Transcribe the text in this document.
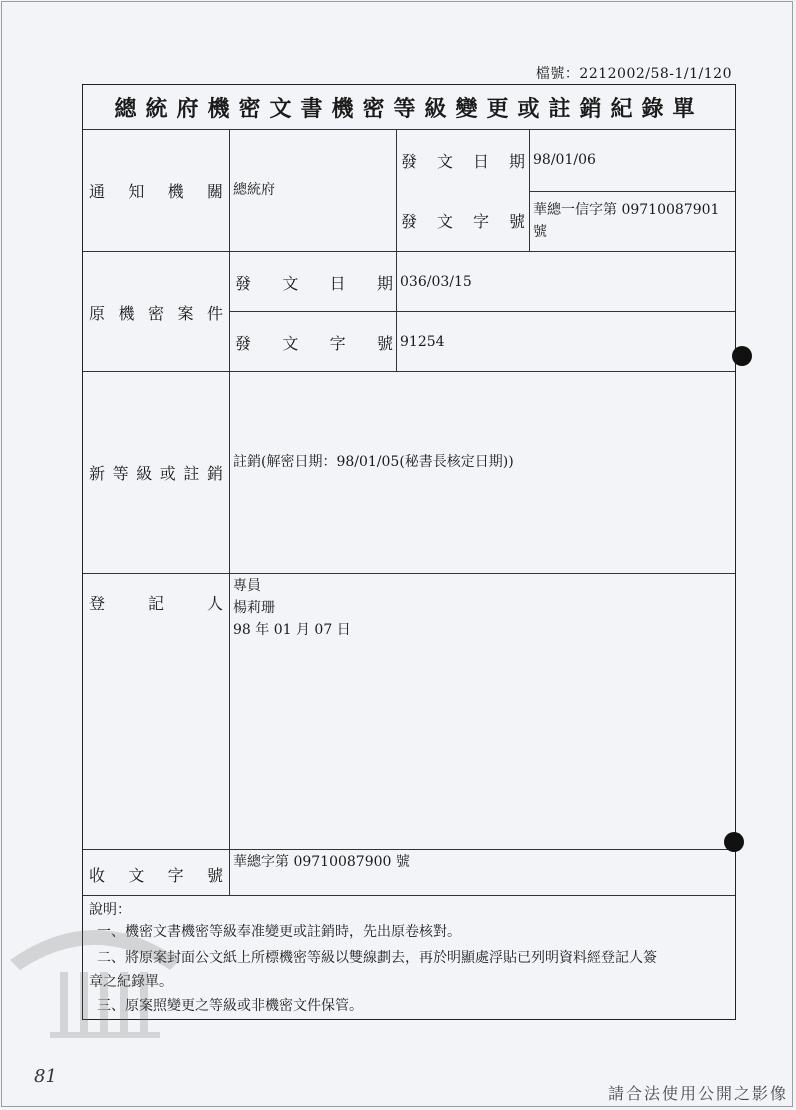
檔號：2212002/58-1/1/120
總統府機密文書機密等級變更或註銷紀錄單
通 知 機 關 總統府
發 文 日 期 98/01/06
發 文 字 號
華總一信字第 09710087901
號
原 機 密 案 件
發 文 日 期 036/03/15
發 文 字 號 91254
新 等 級 或 註 銷
註銷(解密日期：98/01/05(秘書長核定日期))
登	記	人
專員
楊莉珊
98 年 01 月 07 日
收 文 字 號
華總字第 09710087900 號
說明：
一、機密文書機密等級奉准變更或註銷時，先出原卷核對。
二、將原案封面公文紙上所標機密等級以雙線劃去，再於明顯處浮貼已列明資料經登記人簽
章之紀錄單。
三、原案照變更之等級或非機密文件保管。
81
請合法使用公開之影像
